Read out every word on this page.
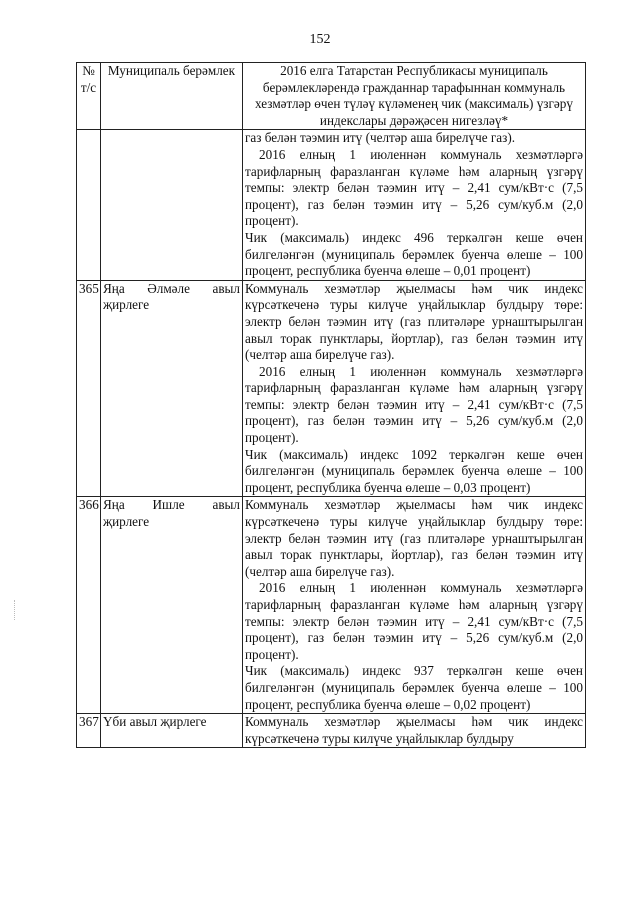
152
№ т/с	Муниципаль берәмлек	2016 елга Татарстан Республикасы муниципаль берәмлекләрендә гражданнар тарафыннан коммуналь хезмәтләр өчен түләү күләменең чик (максималь) үзгәрү индекслары дәрәҗәсен нигезләү*

		газ белән тәэмин итү (челтәр аша бирелүче газ).

2016 елның 1 июленнән коммуналь хезмәтләргә тарифларның фаразланган күләме һәм аларның үзгәрү темпы: электр белән тәэмин итү – 2,41 сум/кВт·с (7,5 процент), газ белән тәэмин итү – 5,26 сум/куб.м (2,0 процент).

Чик (максималь) индекс 496 теркәлгән кеше өчен билгеләнгән (муниципаль берәмлек буенча өлеше – 100 процент, республика буенча өлеше – 0,01 процент)

365	Яңа Әлмәле авыл җирлеге	Коммуналь хезмәтләр җыелмасы һәм чик индекс күрсәткеченә туры килүче уңайлыклар булдыру төре: электр белән тәэмин итү (газ плитәләре урнаштырылган авыл торак пунктлары, йортлар), газ белән тәэмин итү (челтәр аша бирелүче газ).

2016 елның 1 июленнән коммуналь хезмәтләргә тарифларның фаразланган күләме һәм аларның үзгәрү темпы: электр белән тәэмин итү – 2,41 сум/кВт·с (7,5 процент), газ белән тәэмин итү – 5,26 сум/куб.м (2,0 процент).

Чик (максималь) индекс 1092 теркәлгән кеше өчен билгеләнгән (муниципаль берәмлек буенча өлеше – 100 процент, республика буенча өлеше – 0,03 процент)

366	Яңа Ишле авыл җирлеге	Коммуналь хезмәтләр җыелмасы һәм чик индекс күрсәткеченә туры килүче уңайлыклар булдыру төре: электр белән тәэмин итү (газ плитәләре урнаштырылган авыл торак пунктлары, йортлар), газ белән тәэмин итү (челтәр аша бирелүче газ).

2016 елның 1 июленнән коммуналь хезмәтләргә тарифларның фаразланган күләме һәм аларның үзгәрү темпы: электр белән тәэмин итү – 2,41 сум/кВт·с (7,5 процент), газ белән тәэмин итү – 5,26 сум/куб.м (2,0 процент).

Чик (максималь) индекс 937 теркәлгән кеше өчен билгеләнгән (муниципаль берәмлек буенча өлеше – 100 процент, республика буенча өлеше – 0,02 процент)

367	Үби авыл җирлеге	Коммуналь хезмәтләр җыелмасы һәм чик индекс күрсәткеченә туры килүче уңайлыклар булдыру
